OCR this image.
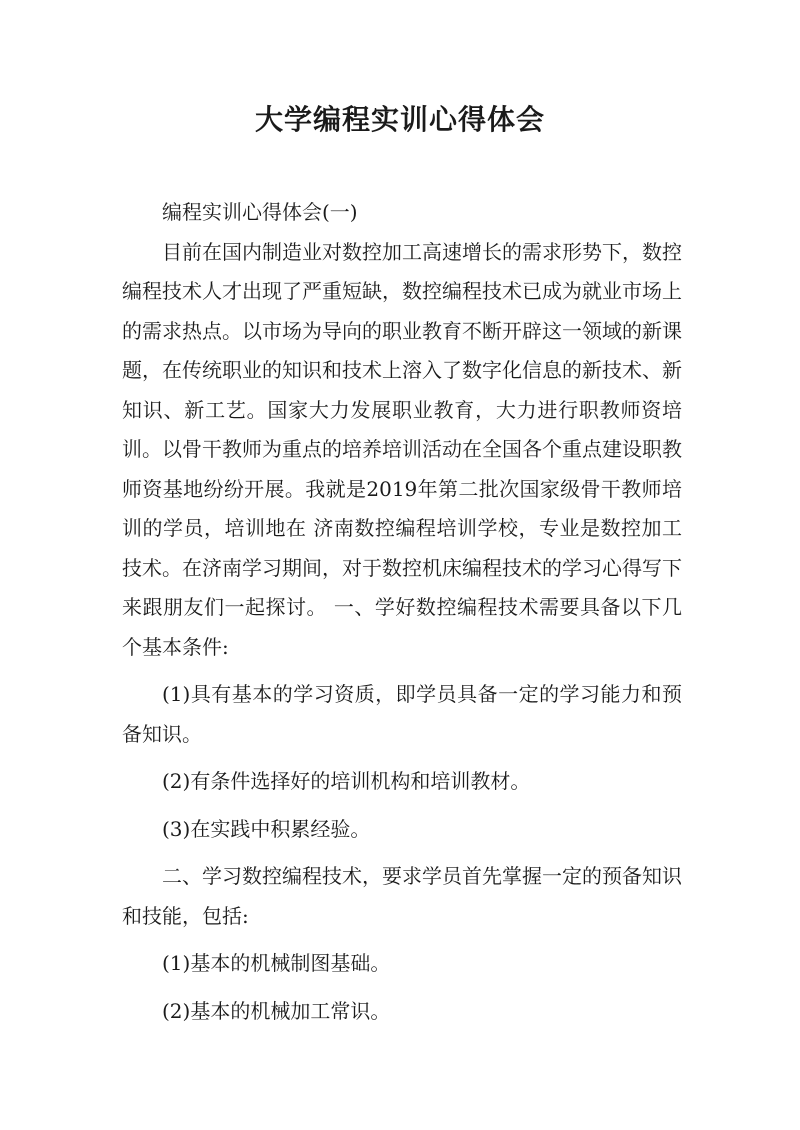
大学编程实训心得体会

编程实训心得体会(一)

目前在国内制造业对数控加工高速增长的需求形势下，数控编程技术人才出现了严重短缺，数控编程技术已成为就业市场上的需求热点。以市场为导向的职业教育不断开辟这一领域的新课题，在传统职业的知识和技术上溶入了数字化信息的新技术、新知识、新工艺。国家大力发展职业教育，大力进行职教师资培训。以骨干教师为重点的培养培训活动在全国各个重点建设职教师资基地纷纷开展。我就是2019年第二批次国家级骨干教师培训的学员，培训地在 济南数控编程培训学校，专业是数控加工技术。在济南学习期间，对于数控机床编程技术的学习心得写下来跟朋友们一起探讨。 一、学好数控编程技术需要具备以下几个基本条件:

(1)具有基本的学习资质，即学员具备一定的学习能力和预备知识。

(2)有条件选择好的培训机构和培训教材。

(3)在实践中积累经验。

二、学习数控编程技术，要求学员首先掌握一定的预备知识和技能，包括:

(1)基本的机械制图基础。

(2)基本的机械加工常识。
